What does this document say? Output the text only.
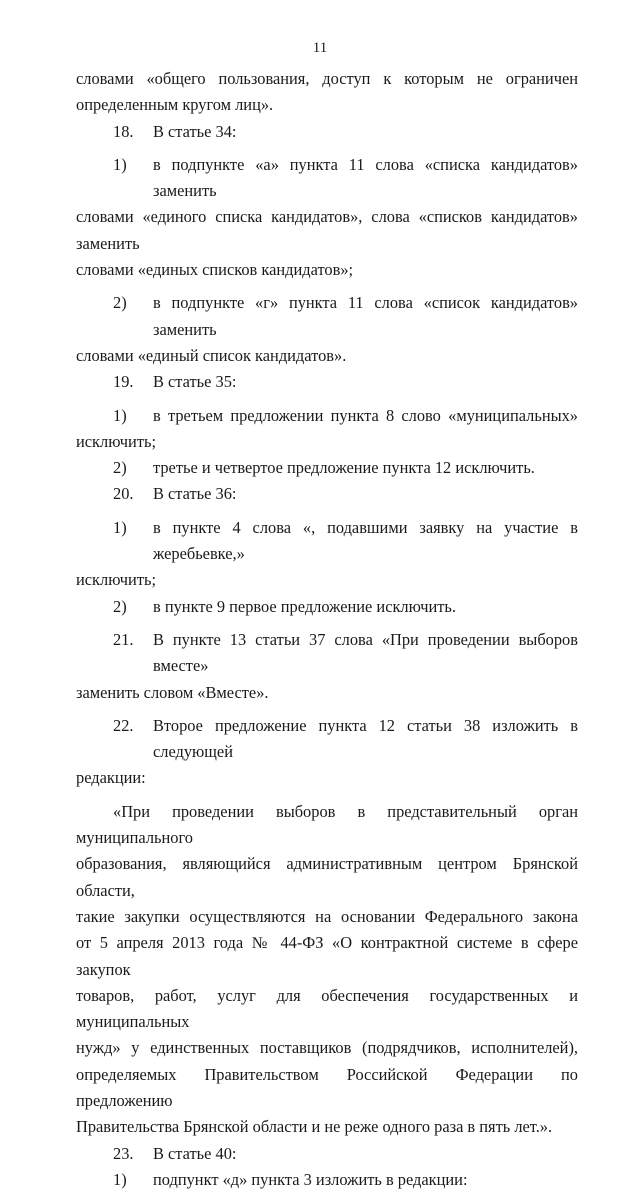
11

словами «общего пользования, доступ к которым не ограничен

определенным кругом лиц».

18.	В статье 34:
1)	в подпункте «а» пункта 11 слова «списка кандидатов» заменить

словами «единого списка кандидатов», слова «списков кандидатов» заменить

словами «единых списков кандидатов»;

2)	в подпункте «г» пункта 11 слова «список кандидатов» заменить

словами «единый список кандидатов».

19.	В статье 35:
1)	в третьем предложении пункта 8 слово «муниципальных»

исключить;

2)	третье и четвертое предложение пункта 12 исключить.
20.	В статье 36:
1)	в пункте 4 слова «, подавшими заявку на участие в жеребьевке,»

исключить;

2)	в пункте 9 первое предложение исключить.
21.	В пункте 13 статьи 37 слова «При проведении выборов вместе»

заменить словом «Вместе».

22.	Второе предложение пункта 12 статьи 38 изложить в следующей

редакции:

«При проведении выборов в представительный орган муниципального

образования, являющийся административным центром Брянской области,

такие закупки осуществляются на основании Федерального закона

от 5 апреля 2013 года № 44-ФЗ «О контрактной системе в сфере закупок

товаров, работ, услуг для обеспечения государственных и муниципальных

нужд» у единственных поставщиков (подрядчиков, исполнителей),

определяемых Правительством Российской Федерации по предложению

Правительства Брянской области и не реже одного раза в пять лет.».

23.	В статье 40:
1)	подпункт «д» пункта 3 изложить в редакции:
